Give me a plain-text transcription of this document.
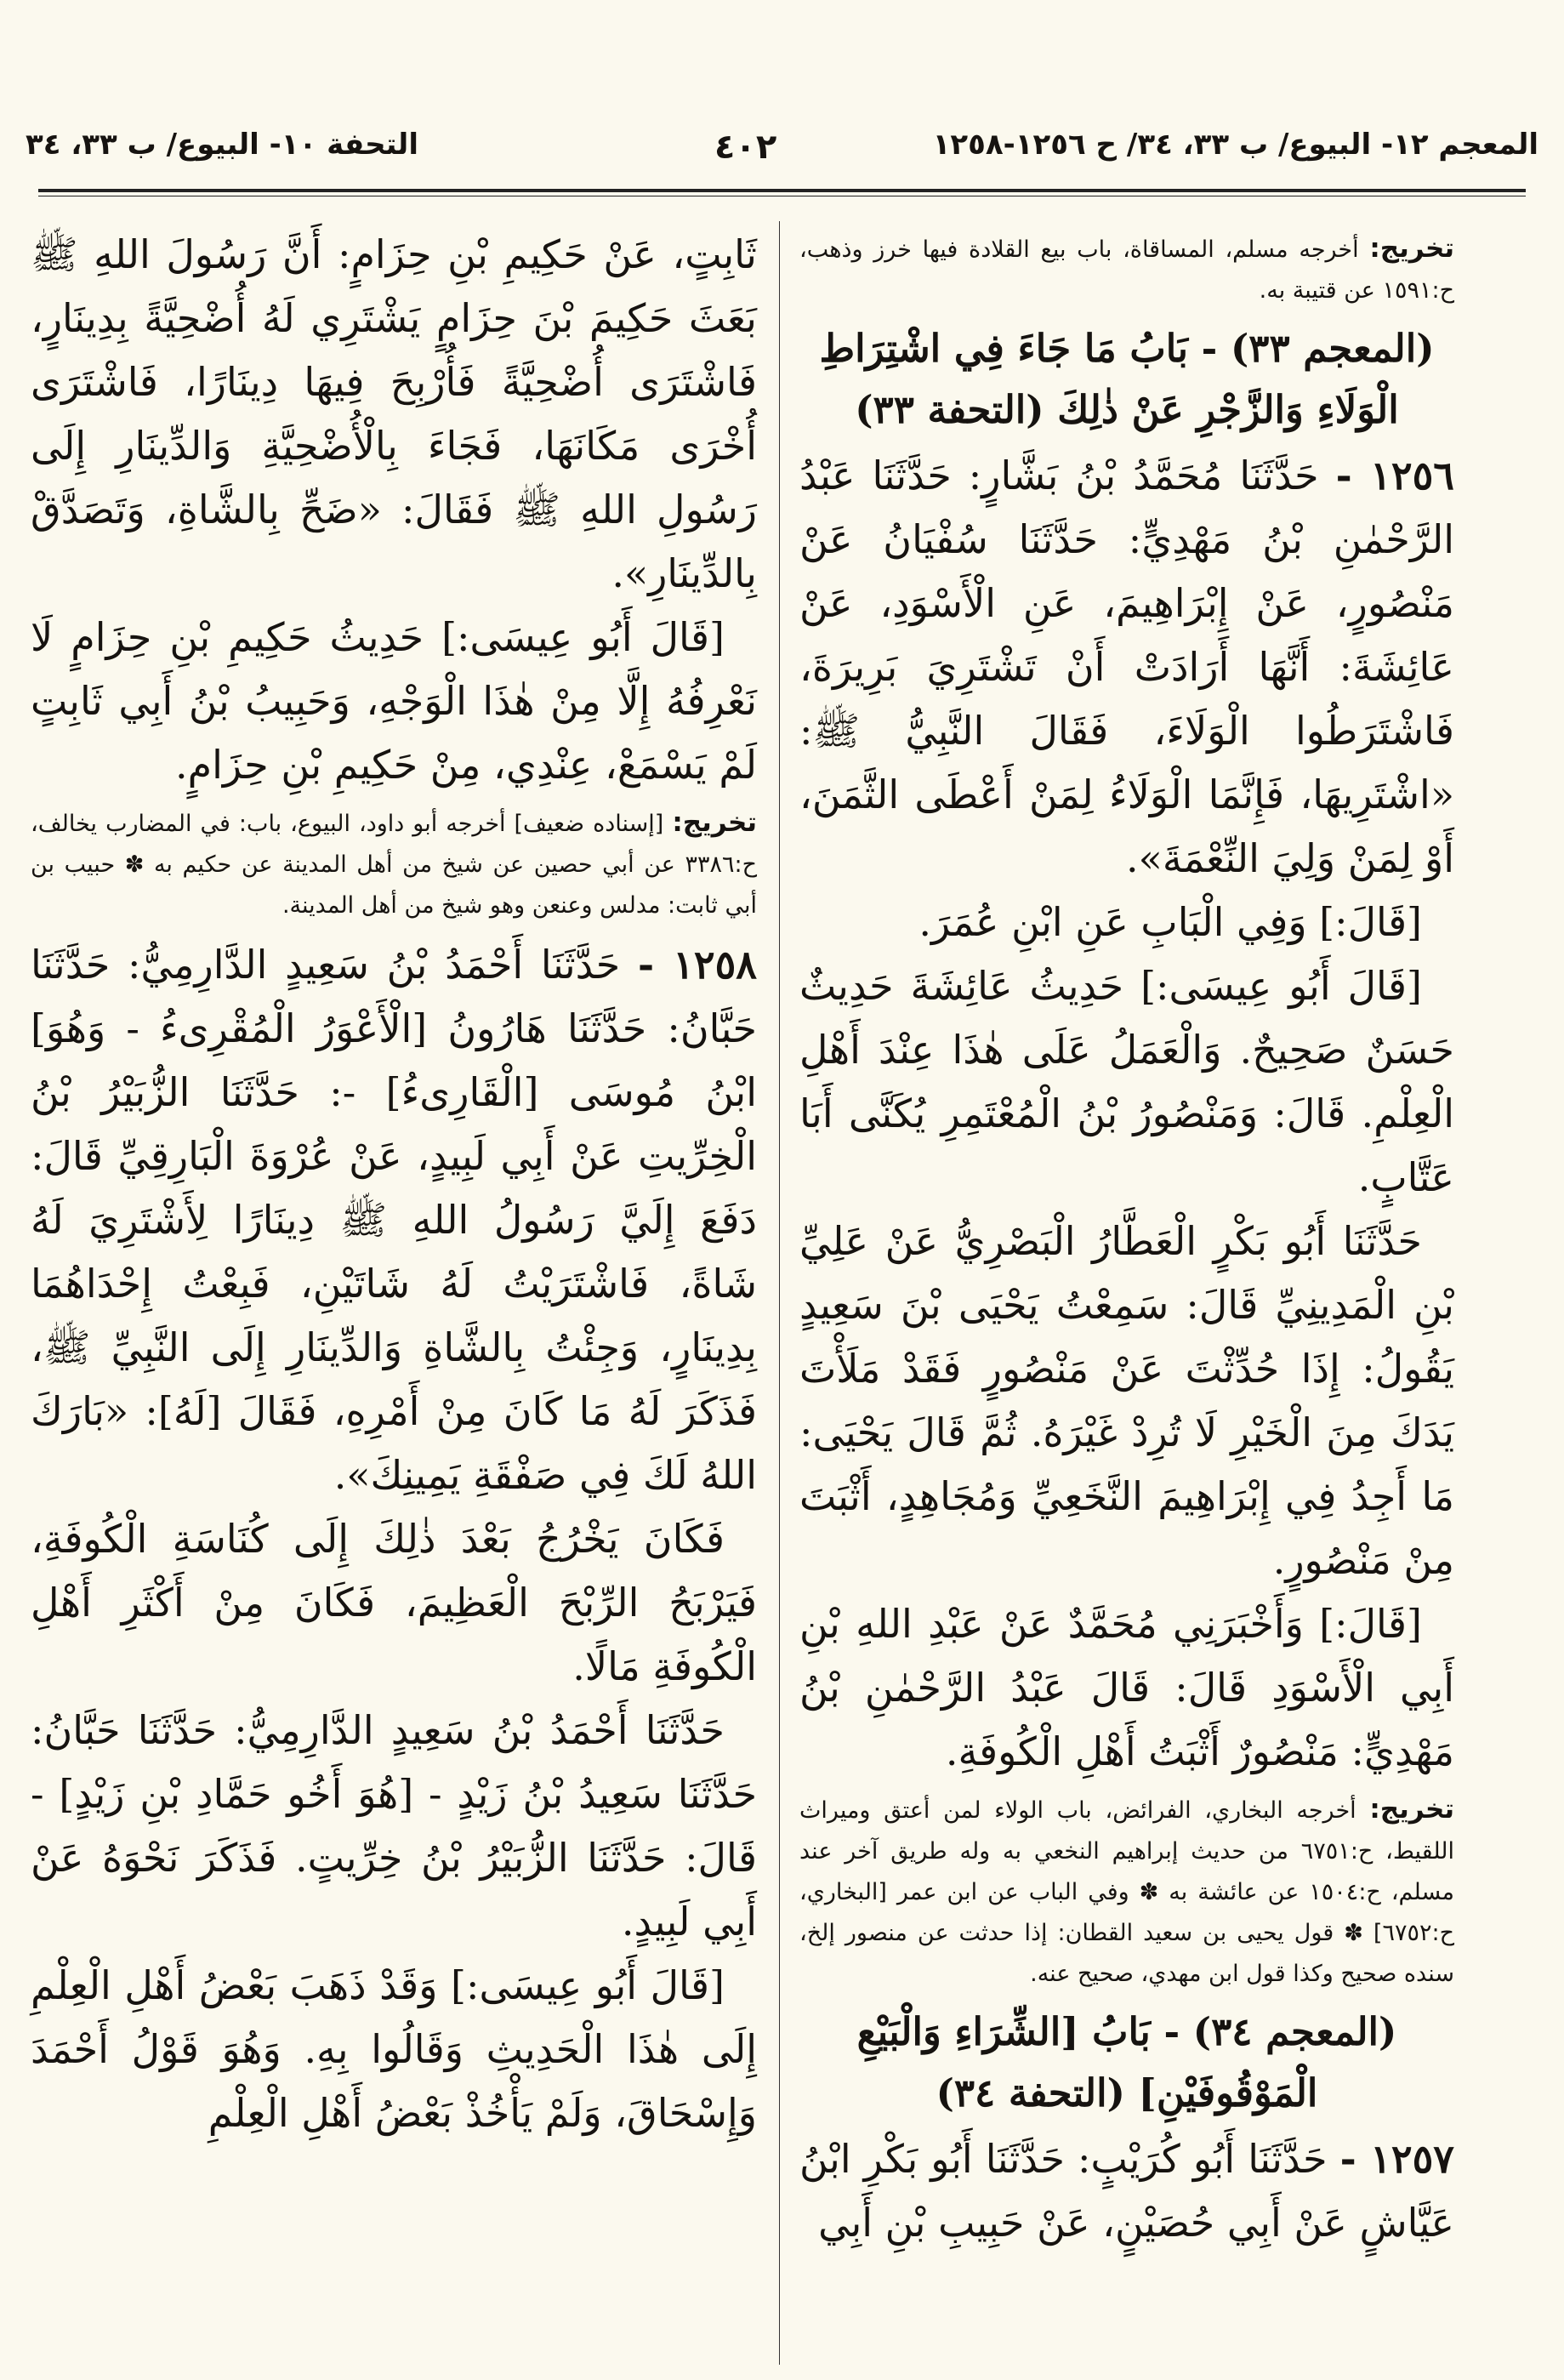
المعجم ١٢- البيوع/ ب ٣٣، ٣٤/ ح ١٢٥٦-١٢٥٨
٤٠٢
التحفة ١٠- البيوع/ ب ٣٣، ٣٤

تخريج: أخرجه مسلم، المساقاة، باب بيع القلادة فيها خرز وذهب، ح:١٥٩١ عن قتيبة به.

(المعجم ٣٣) - بَابُ مَا جَاءَ فِي اشْتِرَاطِ
الْوَلَاءِ وَالزَّجْرِ عَنْ ذٰلِكَ (التحفة ٣٣)

١٢٥٦ - حَدَّثَنَا مُحَمَّدُ بْنُ بَشَّارٍ: حَدَّثَنَا عَبْدُ الرَّحْمٰنِ بْنُ مَهْدِيٍّ: حَدَّثَنَا سُفْيَانُ عَنْ مَنْصُورٍ، عَنْ إِبْرَاهِيمَ، عَنِ الْأَسْوَدِ، عَنْ عَائِشَةَ: أَنَّهَا أَرَادَتْ أَنْ تَشْتَرِيَ بَرِيرَةَ، فَاشْتَرَطُوا الْوَلَاءَ، فَقَالَ النَّبِيُّ ﷺ: «اشْتَرِيهَا، فَإِنَّمَا الْوَلَاءُ لِمَنْ أَعْطَى الثَّمَنَ، أَوْ لِمَنْ وَلِيَ النِّعْمَةَ».

[قَالَ:] وَفِي الْبَابِ عَنِ ابْنِ عُمَرَ.

[قَالَ أَبُو عِيسَى:] حَدِيثُ عَائِشَةَ حَدِيثٌ حَسَنٌ صَحِيحٌ. وَالْعَمَلُ عَلَى هٰذَا عِنْدَ أَهْلِ الْعِلْمِ. قَالَ: وَمَنْصُورُ بْنُ الْمُعْتَمِرِ يُكَنَّى أَبَا عَتَّابٍ.

حَدَّثَنَا أَبُو بَكْرٍ الْعَطَّارُ الْبَصْرِيُّ عَنْ عَلِيِّ بْنِ الْمَدِينِيِّ قَالَ: سَمِعْتُ يَحْيَى بْنَ سَعِيدٍ يَقُولُ: إِذَا حُدِّثْتَ عَنْ مَنْصُورٍ فَقَدْ مَلَأْتَ يَدَكَ مِنَ الْخَيْرِ لَا تُرِدْ غَيْرَهُ. ثُمَّ قَالَ يَحْيَى: مَا أَجِدُ فِي إِبْرَاهِيمَ النَّخَعِيِّ وَمُجَاهِدٍ، أَثْبَتَ مِنْ مَنْصُورٍ.

[قَالَ:] وَأَخْبَرَنِي مُحَمَّدٌ عَنْ عَبْدِ اللهِ بْنِ أَبِي الْأَسْوَدِ قَالَ: قَالَ عَبْدُ الرَّحْمٰنِ بْنُ مَهْدِيٍّ: مَنْصُورٌ أَثْبَتُ أَهْلِ الْكُوفَةِ.

تخريج: أخرجه البخاري، الفرائض، باب الولاء لمن أعتق وميراث اللقيط، ح:٦٧٥١ من حديث إبراهيم النخعي به وله طريق آخر عند مسلم، ح:١٥٠٤ عن عائشة به ✽ وفي الباب عن ابن عمر [البخاري، ح:٦٧٥٢] ✽ قول يحيى بن سعيد القطان: إذا حدثت عن منصور إلخ، سنده صحيح وكذا قول ابن مهدي، صحيح عنه.

(المعجم ٣٤) - بَابُ [الشِّرَاءِ وَالْبَيْعِ
الْمَوْقُوفَيْنِ] (التحفة ٣٤)

١٢٥٧ - حَدَّثَنَا أَبُو كُرَيْبٍ: حَدَّثَنَا أَبُو بَكْرِ ابْنُ عَيَّاشٍ عَنْ أَبِي حُصَيْنٍ، عَنْ حَبِيبِ بْنِ أَبِي

ثَابِتٍ، عَنْ حَكِيمِ بْنِ حِزَامٍ: أَنَّ رَسُولَ اللهِ ﷺ بَعَثَ حَكِيمَ بْنَ حِزَامٍ يَشْتَرِي لَهُ أُضْحِيَّةً بِدِينَارٍ، فَاشْتَرَى أُضْحِيَّةً فَأُرْبِحَ فِيهَا دِينَارًا، فَاشْتَرَى أُخْرَى مَكَانَهَا، فَجَاءَ بِالْأُضْحِيَّةِ وَالدِّينَارِ إِلَى رَسُولِ اللهِ ﷺ فَقَالَ: «ضَحِّ بِالشَّاةِ، وَتَصَدَّقْ بِالدِّينَارِ».

[قَالَ أَبُو عِيسَى:] حَدِيثُ حَكِيمِ بْنِ حِزَامٍ لَا نَعْرِفُهُ إِلَّا مِنْ هٰذَا الْوَجْهِ، وَحَبِيبُ بْنُ أَبِي ثَابِتٍ لَمْ يَسْمَعْ، عِنْدِي، مِنْ حَكِيمِ بْنِ حِزَامٍ.

تخريج: [إسناده ضعيف] أخرجه أبو داود، البيوع، باب: في المضارب يخالف، ح:٣٣٨٦ عن أبي حصين عن شيخ من أهل المدينة عن حكيم به ✽ حبيب بن أبي ثابت: مدلس وعنعن وهو شيخ من أهل المدينة.

١٢٥٨ - حَدَّثَنَا أَحْمَدُ بْنُ سَعِيدٍ الدَّارِمِيُّ: حَدَّثَنَا حَبَّانُ: حَدَّثَنَا هَارُونُ [الْأَعْوَرُ الْمُقْرِىءُ - وَهُوَ] ابْنُ مُوسَى [الْقَارِىءُ] -: حَدَّثَنَا الزُّبَيْرُ بْنُ الْخِرِّيتِ عَنْ أَبِي لَبِيدٍ، عَنْ عُرْوَةَ الْبَارِقِيِّ قَالَ: دَفَعَ إِلَيَّ رَسُولُ اللهِ ﷺ دِينَارًا لِأَشْتَرِيَ لَهُ شَاةً، فَاشْتَرَيْتُ لَهُ شَاتَيْنِ، فَبِعْتُ إِحْدَاهُمَا بِدِينَارٍ، وَجِئْتُ بِالشَّاةِ وَالدِّينَارِ إِلَى النَّبِيِّ ﷺ، فَذَكَرَ لَهُ مَا كَانَ مِنْ أَمْرِهِ، فَقَالَ [لَهُ]: «بَارَكَ اللهُ لَكَ فِي صَفْقَةِ يَمِينِكَ».

فَكَانَ يَخْرُجُ بَعْدَ ذٰلِكَ إِلَى كُنَاسَةِ الْكُوفَةِ، فَيَرْبَحُ الرِّبْحَ الْعَظِيمَ، فَكَانَ مِنْ أَكْثَرِ أَهْلِ الْكُوفَةِ مَالًا.

حَدَّثَنَا أَحْمَدُ بْنُ سَعِيدٍ الدَّارِمِيُّ: حَدَّثَنَا حَبَّانُ: حَدَّثَنَا سَعِيدُ بْنُ زَيْدٍ - [هُوَ أَخُو حَمَّادِ بْنِ زَيْدٍ] - قَالَ: حَدَّثَنَا الزُّبَيْرُ بْنُ خِرِّيتٍ. فَذَكَرَ نَحْوَهُ عَنْ أَبِي لَبِيدٍ.

[قَالَ أَبُو عِيسَى:] وَقَدْ ذَهَبَ بَعْضُ أَهْلِ الْعِلْمِ إِلَى هٰذَا الْحَدِيثِ وَقَالُوا بِهِ. وَهُوَ قَوْلُ أَحْمَدَ وَإِسْحَاقَ، وَلَمْ يَأْخُذْ بَعْضُ أَهْلِ الْعِلْمِ
